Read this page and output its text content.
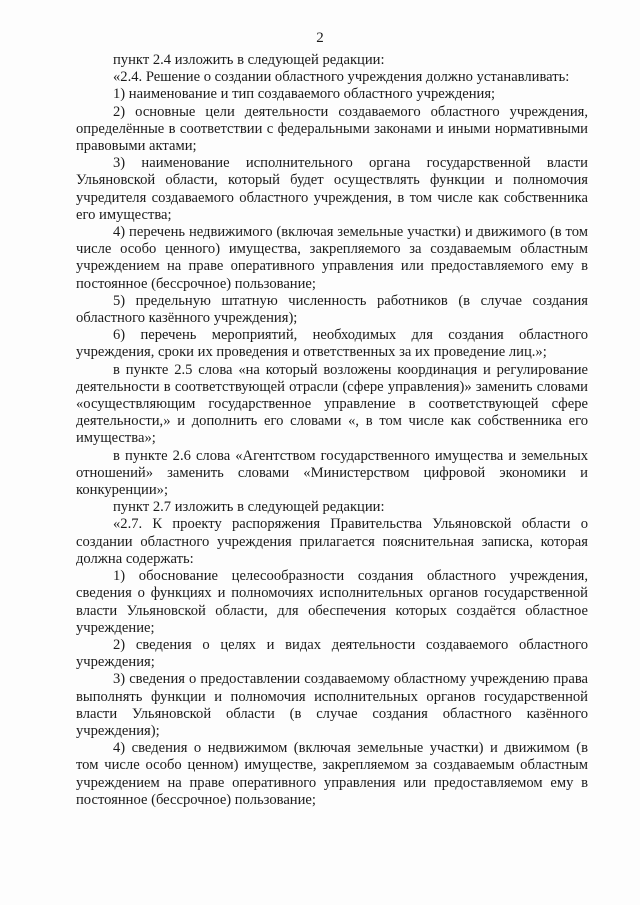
2

пункт 2.4 изложить в следующей редакции:

«2.4. Решение о создании областного учреждения должно устанавливать:

1) наименование и тип создаваемого областного учреждения;

2) основные цели деятельности создаваемого областного учреждения, определённые в соответствии с федеральными законами и иными нормативными правовыми актами;

3) наименование исполнительного органа государственной власти Ульяновской области, который будет осуществлять функции и полномочия учредителя создаваемого областного учреждения, в том числе как собственника его имущества;

4) перечень недвижимого (включая земельные участки) и движимого (в том числе особо ценного) имущества, закрепляемого за создаваемым областным учреждением на праве оперативного управления или предоставляемого ему в постоянное (бессрочное) пользование;

5) предельную штатную численность работников (в случае создания областного казённого учреждения);

6) перечень мероприятий, необходимых для создания областного учреждения, сроки их проведения и ответственных за их проведение лиц.»;

в пункте 2.5 слова «на который возложены координация и регулирование деятельности в соответствующей отрасли (сфере управления)» заменить словами «осуществляющим государственное управление в соответствующей сфере деятельности,» и дополнить его словами «, в том числе как собственника его имущества»;

в пункте 2.6 слова «Агентством государственного имущества и земельных отношений» заменить словами «Министерством цифровой экономики и конкуренции»;

пункт 2.7 изложить в следующей редакции:

«2.7. К проекту распоряжения Правительства Ульяновской области о создании областного учреждения прилагается пояснительная записка, которая должна содержать:

1) обоснование целесообразности создания областного учреждения, сведения о функциях и полномочиях исполнительных органов государственной власти Ульяновской области, для обеспечения которых создаётся областное учреждение;

2) сведения о целях и видах деятельности создаваемого областного учреждения;

3) сведения о предоставлении создаваемому областному учреждению права выполнять функции и полномочия исполнительных органов государственной власти Ульяновской области (в случае создания областного казённого учреждения);

4) сведения о недвижимом (включая земельные участки) и движимом (в том числе особо ценном) имуществе, закрепляемом за создаваемым областным учреждением на праве оперативного управления или предоставляемом ему в постоянное (бессрочное) пользование;
